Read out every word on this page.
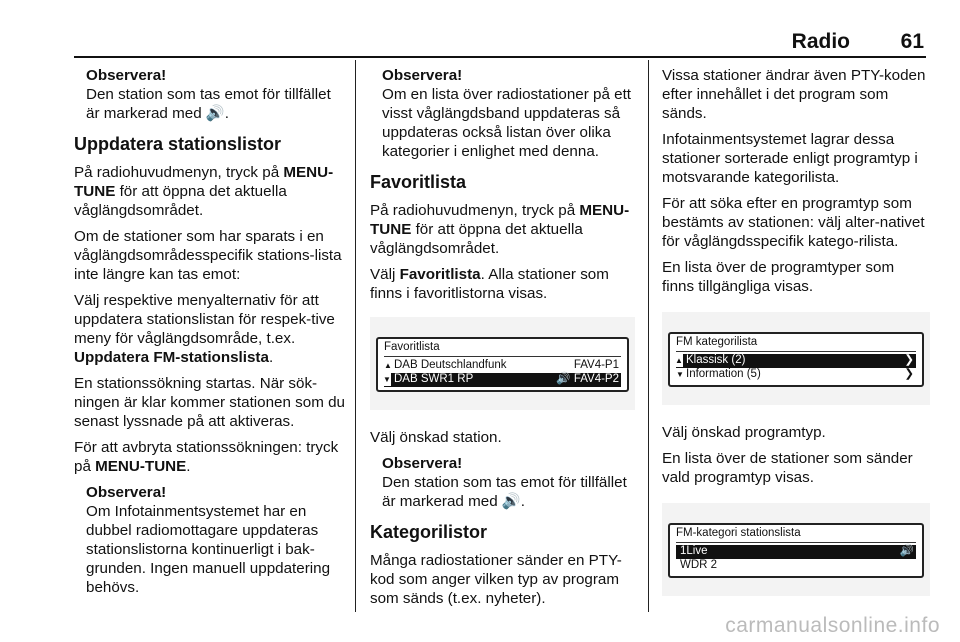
Radio 61
Observera!
Den station som tas emot för tillfället är markerad med 🔊.
Uppdatera stationslistor

På radiohuvudmenyn, tryck på MENU-TUNE för att öppna det aktuella våglängdsområdet.

Om de stationer som har sparats i en våglängdsområdesspecifik stations-lista inte längre kan tas emot:

Välj respektive menyalternativ för att uppdatera stationslistan för respek-tive meny för våglängdsområde, t.ex. Uppdatera FM-stationslista.

En stationssökning startas. När sök-ningen är klar kommer stationen som du senast lyssnade på att aktiveras.

För att avbryta stationssökningen: tryck på MENU-TUNE.

Observera!
Om Infotainmentsystemet har en dubbel radiomottagare uppdateras stationslistorna kontinuerligt i bak-grunden. Ingen manuell uppdatering behövs.
Observera!
Om en lista över radiostationer på ett visst våglängdsband uppdateras så uppdateras också listan över olika kategorier i enlighet med denna.
Favoritlista

På radiohuvudmenyn, tryck på MENU-TUNE för att öppna det aktuella våglängdsområdet.

Välj Favoritlista. Alla stationer som finns i favoritlistorna visas.

Favoritlista
▲ DAB Deutschlandfunk	FAV4-P1
▼ DAB SWR1 RP	🔊 FAV4-P2

Välj önskad station.

Observera!
Den station som tas emot för tillfället är markerad med 🔊.
Kategorilistor

Många radiostationer sänder en PTY-kod som anger vilken typ av program som sänds (t.ex. nyheter).

Vissa stationer ändrar även PTY-koden efter innehållet i det program som sänds.

Infotainmentsystemet lagrar dessa stationer sorterade enligt programtyp i motsvarande kategorilista.

För att söka efter en programtyp som bestämts av stationen: välj alter-nativet för våglängdsspecifik katego-rilista.

En lista över de programtyper som finns tillgängliga visas.

FM kategorilista
▲ Klassisk (2)	❯
▼ Information (5)	❯

Välj önskad programtyp.

En lista över de stationer som sänder vald programtyp visas.

FM-kategori stationslista
1Live	🔊
WDR 2
carmanualsonline.info
